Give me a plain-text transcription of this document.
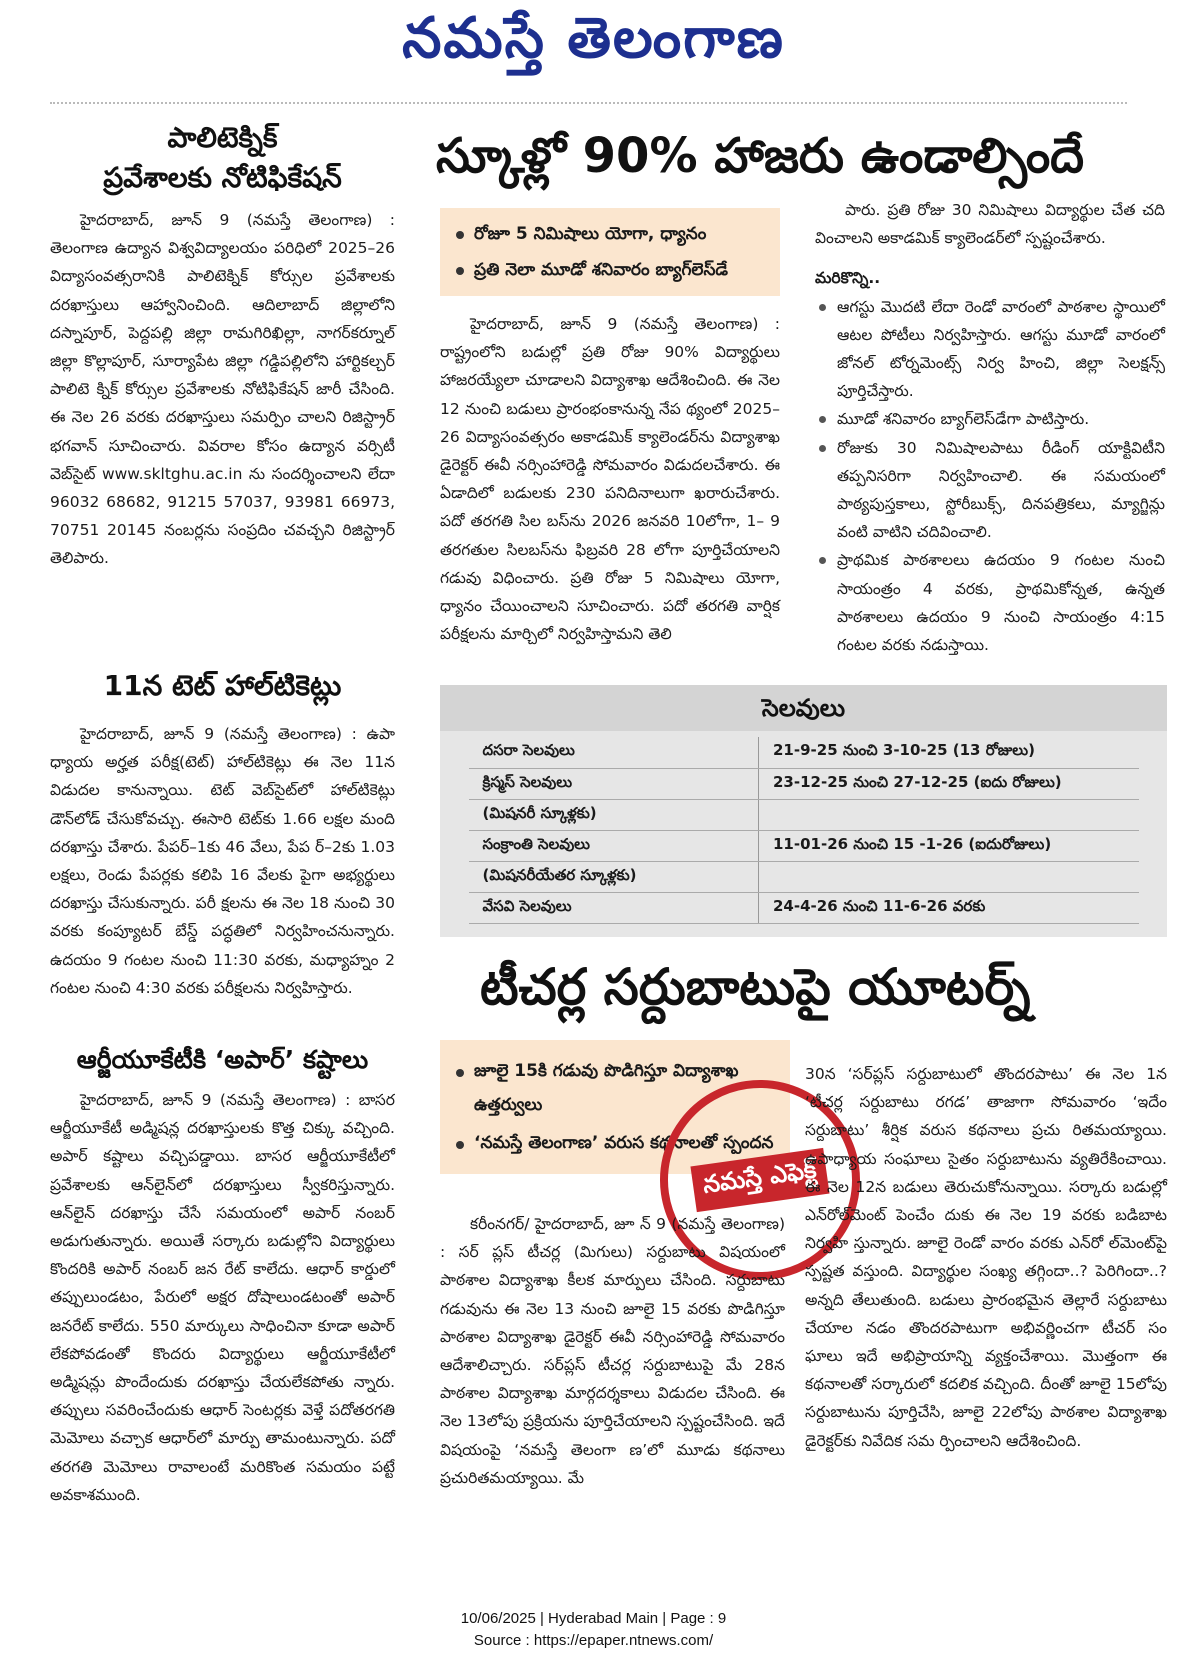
నమస్తే తెలంగాణ
పాలిటెక్నిక్
ప్రవేశాలకు నోటిఫికేషన్

హైదరాబాద్, జూన్ 9 (నమస్తే తెలంగాణ) : తెలంగాణ ఉద్యాన విశ్వవిద్యాలయం పరిధిలో 2025–26 విద్యాసంవత్సరానికి పాలిటెక్నిక్ కోర్సుల ప్రవేశాలకు దరఖాస్తులు ఆహ్వానించింది. ఆదిలాబాద్ జిల్లాలోని దస్నాపూర్, పెద్దపల్లి జిల్లా రామగిరిఖిల్లా, నాగర్‌కర్నూల్ జిల్లా కొల్లాపూర్, సూర్యాపేట జిల్లా గడ్డిపల్లిలోని హార్టికల్చర్ పాలిటె క్నిక్ కోర్సుల ప్రవేశాలకు నోటిఫికేషన్ జారీ చేసింది. ఈ నెల 26 వరకు దరఖాస్తులు సమర్పిం చాలని రిజిస్ట్రార్ భగవాన్ సూచించారు. వివరాల కోసం ఉద్యాన వర్సిటీ వెబ్‌సైట్ www.skltghu.ac.in ను సందర్శించాలని లేదా 96032 68682, 91215 57037, 93981 66973, 70751 20145 నంబర్లను సంప్రదిం చవచ్చని రిజిస్ట్రార్ తెలిపారు.

11న టెట్ హాల్‌టికెట్లు

హైదరాబాద్, జూన్ 9 (నమస్తే తెలంగాణ) : ఉపా ధ్యాయ అర్హత పరీక్ష(టెట్) హాల్‌టికెట్లు ఈ నెల 11న విడుదల కానున్నాయి. టెట్ వెబ్‌సైట్‌లో హాల్‌టికెట్లు డౌన్‌లోడ్‌ చేసుకోవచ్చు. ఈసారి టెట్‌కు 1.66 లక్షల మంది దరఖాస్తు చేశారు. పేపర్–1కు 46 వేలు, పేప ర్–2కు 1.03 లక్షలు, రెండు పేపర్లకు కలిపి 16 వేలకు పైగా అభ్యర్థులు దరఖాస్తు చేసుకున్నారు. పరీ క్షలను ఈ నెల 18 నుంచి 30 వరకు కంప్యూటర్ బేస్డ్ పద్ధతిలో నిర్వహించనున్నారు. ఉదయం 9 గంటల నుంచి 11:30 వరకు, మధ్యాహ్నం 2 గంటల నుంచి 4:30 వరకు పరీక్షలను నిర్వహిస్తారు.

ఆర్జీయూకేటీకి ‘అపార్’ కష్టాలు

హైదరాబాద్, జూన్ 9 (నమస్తే తెలంగాణ) : బాసర ఆర్జీయూకేటీ అడ్మిషన్ల దరఖాస్తులకు కొత్త చిక్కు వచ్చింది. అపార్ కష్టాలు వచ్చిపడ్డాయి. బాసర ఆర్జీయూకేటీలో ప్రవేశాలకు ఆన్‌లైన్‌లో దరఖాస్తులు స్వీకరిస్తున్నారు. ఆన్‌లైన్ దరఖాస్తు చేసే సమయంలో అపార్ నంబర్ అడుగుతున్నారు. అయితే సర్కారు బడుల్లోని విద్యార్థులు కొందరికి అపార్ నంబర్ జన రేట్‌ కాలేదు. ఆధార్ కార్డులో తప్పులుండటం, పేరులో అక్షర దోషాలుండటంతో అపార్ జనరేట్ కాలేదు. 550 మార్కులు సాధించినా కూడా అపార్ లేకపోవడంతో కొందరు విద్యార్థులు ఆర్జీయూకేటీలో అడ్మిషన్లు పొందేందుకు దరఖాస్తు చేయలేకపోతు న్నారు. తప్పులు సవరించేందుకు ఆధార్ సెంటర్లకు వెళ్తే పదోతరగతి మెమోలు వచ్చాక ఆధార్‌లో మార్పు తామంటున్నారు. పదో తరగతి మెమోలు రావాలంటే మరికొంత సమయం పట్టే అవకాశముంది.

స్కూళ్లో 90% హాజరు ఉండాల్సిందే
రోజూ 5 నిమిషాలు యోగా, ధ్యానం
ప్రతి నెలా మూడో శనివారం బ్యాగ్‌లెస్‌డే

హైదరాబాద్, జూన్ 9 (నమస్తే తెలంగాణ) : రాష్ట్రంలోని బడుల్లో ప్రతి రోజు 90% విద్యార్థులు హాజరయ్యేలా చూడాలని విద్యాశాఖ ఆదేశించింది. ఈ నెల 12 నుంచి బడులు ప్రారంభంకానున్న నేప థ్యంలో 2025–26 విద్యాసంవత్సరం అకాడమిక్ క్యాలెండర్‌ను విద్యాశాఖ డైరెక్టర్ ఈవీ నర్సింహారెడ్డి సోమవారం విడుదలచేశారు. ఈ ఏడాదిలో బడులకు 230 పనిదినాలుగా ఖరారుచేశారు. పదో తరగతి సిల బస్‌ను 2026 జనవరి 10లోగా, 1– 9 తరగతుల సిలబస్‌ను ఫిబ్రవరి 28 లోగా పూర్తిచేయాలని గడువు విధించారు. ప్రతి రోజు 5 నిమిషాలు యోగా, ధ్యానం చేయించాలని సూచించారు. పదో తరగతి వార్షిక పరీక్షలను మార్చిలో నిర్వహిస్తామని తెలి

పారు. ప్రతి రోజు 30 నిమిషాలు విద్యార్థుల చేత చది వించాలని అకాడమిక్ క్యాలెండర్‌లో స్పష్టంచేశారు.

మరికొన్ని..

ఆగస్టు మొదటి లేదా రెండో వారంలో పాఠశాల స్థాయిలో ఆటల పోటీలు నిర్వహిస్తారు. ఆగస్టు మూడో వారంలో జోనల్ టోర్నమెంట్స్ నిర్వ హించి, జిల్లా సెలక్షన్స్ పూర్తిచేస్తారు.
మూడో శనివారం బ్యాగ్‌లెస్‌డేగా పాటిస్తారు.
రోజుకు 30 నిమిషాలపాటు రీడింగ్ యాక్టివిటీని తప్పనిసరిగా నిర్వహించాలి. ఈ సమయంలో పాఠ్యపుస్తకాలు, స్టోరీబుక్స్, దినపత్రికలు, మ్యాగ్జిన్లు వంటి వాటిని చదివించాలి.
ప్రాథమిక పాఠశాలలు ఉదయం 9 గంటల నుంచి సాయంత్రం 4 వరకు, ప్రాథమికోన్నత, ఉన్నత పాఠశాలలు ఉదయం 9 నుంచి సాయంత్రం 4:15 గంటల వరకు నడుస్తాయి.
సెలవులు
దసరా సెలవులు	21-9-25 నుంచి 3-10-25 (13 రోజులు)
క్రిస్మస్ సెలవులు	23-12-25 నుంచి 27-12-25 (ఐదు రోజులు)
(మిషనరీ స్కూళ్లకు)	
సంక్రాంతి సెలవులు	11-01-26 నుంచి 15 -1-26 (ఐదురోజులు)
(మిషనరీయేతర స్కూళ్లకు)	
వేసవి సెలవులు	24-4-26 నుంచి 11-6-26 వరకు
టీచర్ల సర్దుబాటుపై యూటర్న్
జూలై 15కి గడువు పొడిగిస్తూ విద్యాశాఖ ఉత్తర్వులు
‘నమస్తే తెలంగాణ’ వరుస కథనాలతో స్పందన
నమస్తే ఎఫెక్ట్

కరీంనగర్/ హైదరాబాద్, జూ న్ 9 (నమస్తే తెలంగాణ) : సర్ ప్లస్ టీచర్ల (మిగులు) సర్దుబాటు విషయంలో పాఠశాల విద్యాశాఖ కీలక మార్పులు చేసింది. సర్దుబాటు గడువును ఈ నెల 13 నుంచి జూలై 15 వరకు పొడిగిస్తూ పాఠశాల విద్యాశాఖ డైరెక్టర్ ఈవీ నర్సింహారెడ్డి సోమవారం ఆదేశాలిచ్చారు. సర్‌ప్లస్ టీచర్ల సర్దుబాటుపై మే 28న పాఠశాల విద్యాశాఖ మార్గదర్శకాలు విడుదల చేసింది. ఈ నెల 13లోపు ప్రక్రియను పూర్తిచేయాలని స్పష్టంచేసింది. ఇదే విషయంపై ‘నమస్తే తెలంగా ణ’లో మూడు కథనాలు ప్రచురితమయ్యాయి. మే

30న ‘సర్‌ప్లస్ సర్దుబాటులో తొందరపాటు’ ఈ నెల 1న ‘టీచర్ల సర్దుబాటు రగడ’ తాజాగా సోమవారం ‘ఇదేం సర్దుబాటు’ శీర్షిక వరుస కథనాలు ప్రచు రితమయ్యాయి. ఉపాధ్యాయ సంఘాలు సైతం సర్దుబాటును వ్యతిరేకించాయి. ఈ నెల 12న బడులు తెరుచుకోనున్నాయి. సర్కారు బడుల్లో ఎన్‌రోల్‌మెంట్ పెంచేం దుకు ఈ నెల 19 వరకు బడిబాట నిర్వహి స్తున్నారు. జూలై రెండో వారం వరకు ఎన్‌రో ల్‌మెంట్‌పై స్పష్టత వస్తుంది. విద్యార్థుల సంఖ్య తగ్గిందా..? పెరిగిందా..? అన్నది తేలుతుంది. బడులు ప్రారంభమైన తెల్లారే సర్దుబాటు చేయాల నడం తొందరపాటుగా అభివర్ణించగా టీచర్ సం ఘాలు ఇదే అభిప్రాయాన్ని వ్యక్తంచేశాయి. మొత్తంగా ఈ కథనాలతో సర్కారులో కదలిక వచ్చింది. దీంతో జూలై 15లోపు సర్దుబాటును పూర్తిచేసి, జూలై 22లోపు పాఠశాల విద్యాశాఖ డైరెక్టర్‌కు నివేదిక సమ ర్పించాలని ఆదేశించింది.

10/06/2025 | Hyderabad Main | Page : 9
Source : https://epaper.ntnews.com/
